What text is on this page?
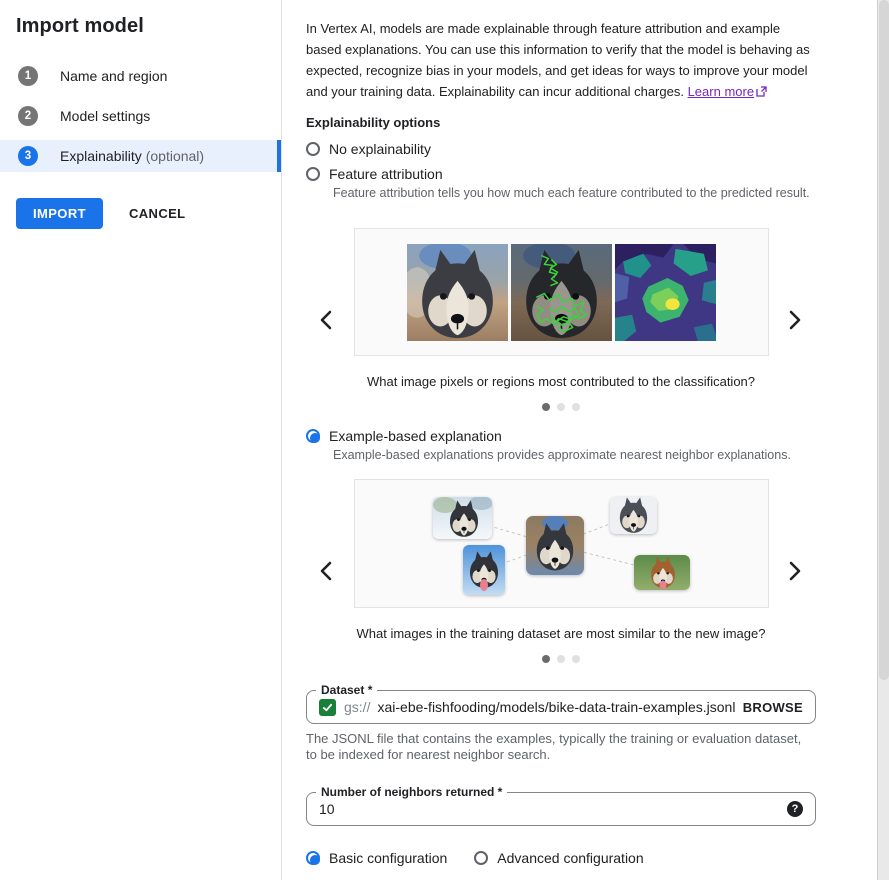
Import model
1	Name and region
2	Model settings
3	Explainability (optional)
IMPORT	CANCEL

In Vertex AI, models are made explainable through feature attribution and example based explanations. You can use this information to verify that the model is behaving as expected, recognize bias in your models, and get ideas for ways to improve your model and your training data. Explainability can incur additional charges. Learn more

Explainability options
No explainability
Feature attribution
Feature attribution tells you how much each feature contributed to the predicted result.
What image pixels or regions most contributed to the classification?
Example-based explanation
Example-based explanations provides approximate nearest neighbor explanations.
What images in the training dataset are most similar to the new image?
Dataset *
gs:// xai-ebe-fishfooding/models/bike-data-train-examples.jsonl BROWSE
The JSONL file that contains the examples, typically the training or evaluation dataset, to be indexed for nearest neighbor search.
Number of neighbors returned *
10	?
Basic configuration	Advanced configuration
